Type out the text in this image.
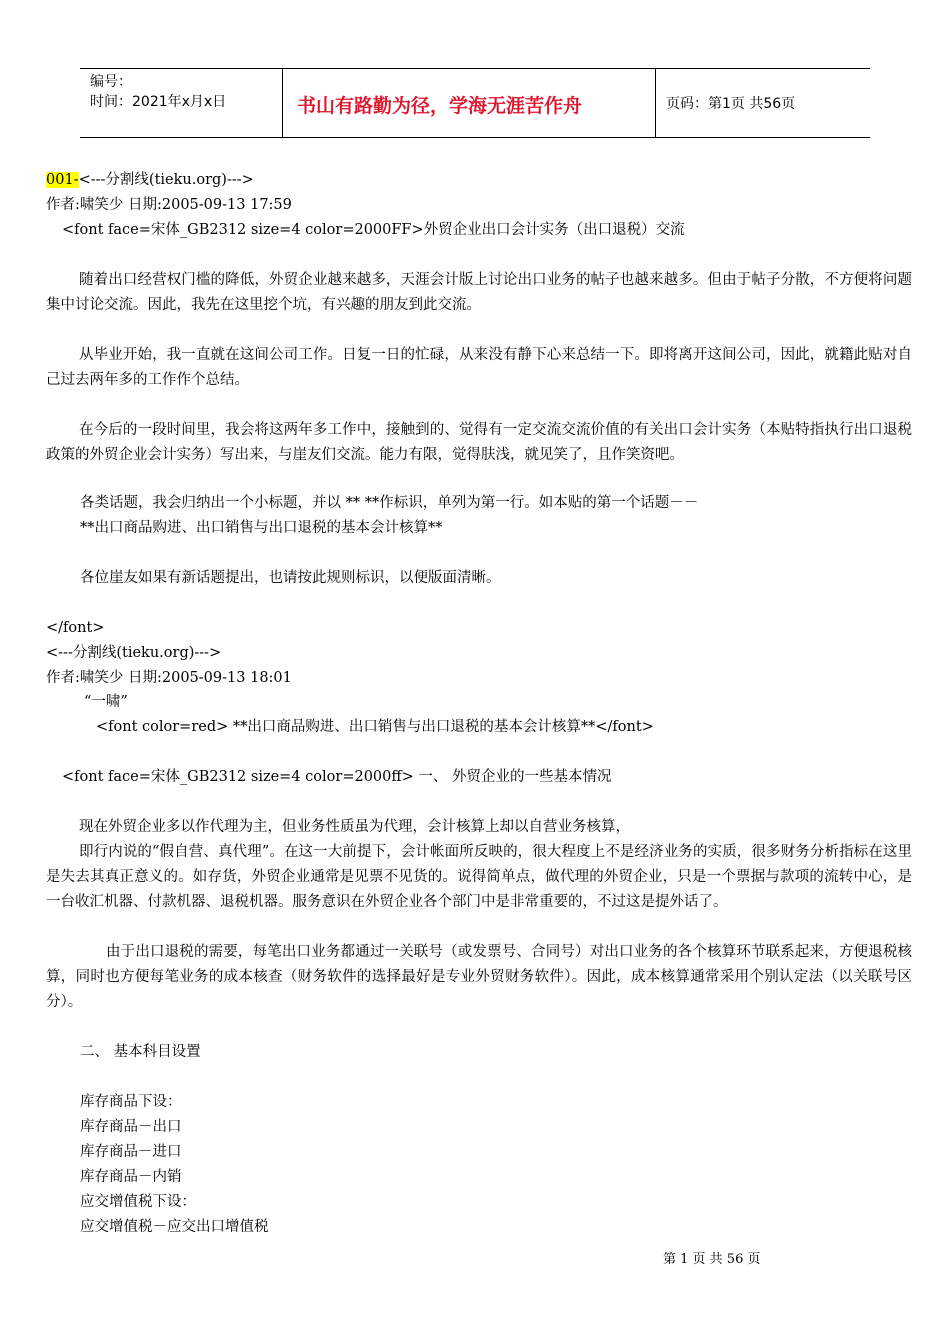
编号：
时间：2021年x月x日	书山有路勤为径，学海无涯苦作舟	页码：第1页 共56页
001-<---分割线(tieku.org)--->
作者:啸笑少 日期:2005-09-13 17:59
<font face=宋体_GB2312 size=4 color=2000FF>外贸企业出口会计实务（出口退税）交流
随着出口经营权门槛的降低，外贸企业越来越多，天涯会计版上讨论出口业务的帖子也越来越多。但由于帖子分散，不方便将问题集中讨论交流。因此，我先在这里挖个坑，有兴趣的朋友到此交流。
从毕业开始，我一直就在这间公司工作。日复一日的忙碌，从来没有静下心来总结一下。即将离开这间公司，因此，就籍此贴对自己过去两年多的工作作个总结。
在今后的一段时间里，我会将这两年多工作中，接触到的、觉得有一定交流交流价值的有关出口会计实务（本贴特指执行出口退税政策的外贸企业会计实务）写出来，与崖友们交流。能力有限，觉得肤浅，就见笑了，且作笑资吧。
各类话题，我会归纳出一个小标题，并以 ** **作标识，单列为第一行。如本贴的第一个话题－－
**出口商品购进、出口销售与出口退税的基本会计核算**
各位崖友如果有新话题提出，也请按此规则标识，以便版面清晰。
</font>
<---分割线(tieku.org)--->
作者:啸笑少 日期:2005-09-13 18:01
“一啸”
<font color=red> **出口商品购进、出口销售与出口退税的基本会计核算**</font>
<font face=宋体_GB2312 size=4 color=2000ff> 一、 外贸企业的一些基本情况
现在外贸企业多以作代理为主，但业务性质虽为代理，会计核算上却以自营业务核算，
即行内说的“假自营、真代理”。在这一大前提下，会计帐面所反映的，很大程度上不是经济业务的实质，很多财务分析指标在这里是失去其真正意义的。如存货，外贸企业通常是见票不见货的。说得简单点，做代理的外贸企业，只是一个票据与款项的流转中心，是一台收汇机器、付款机器、退税机器。服务意识在外贸企业各个部门中是非常重要的，不过这是提外话了。
由于出口退税的需要，每笔出口业务都通过一关联号（或发票号、合同号）对出口业务的各个核算环节联系起来，方便退税核算，同时也方便每笔业务的成本核查（财务软件的选择最好是专业外贸财务软件）。因此，成本核算通常采用个别认定法（以关联号区分）。
二、 基本科目设置
库存商品下设：
库存商品－出口
库存商品－进口
库存商品－内销
应交增值税下设：
应交增值税－应交出口增值税
第 1 页 共 56 页
